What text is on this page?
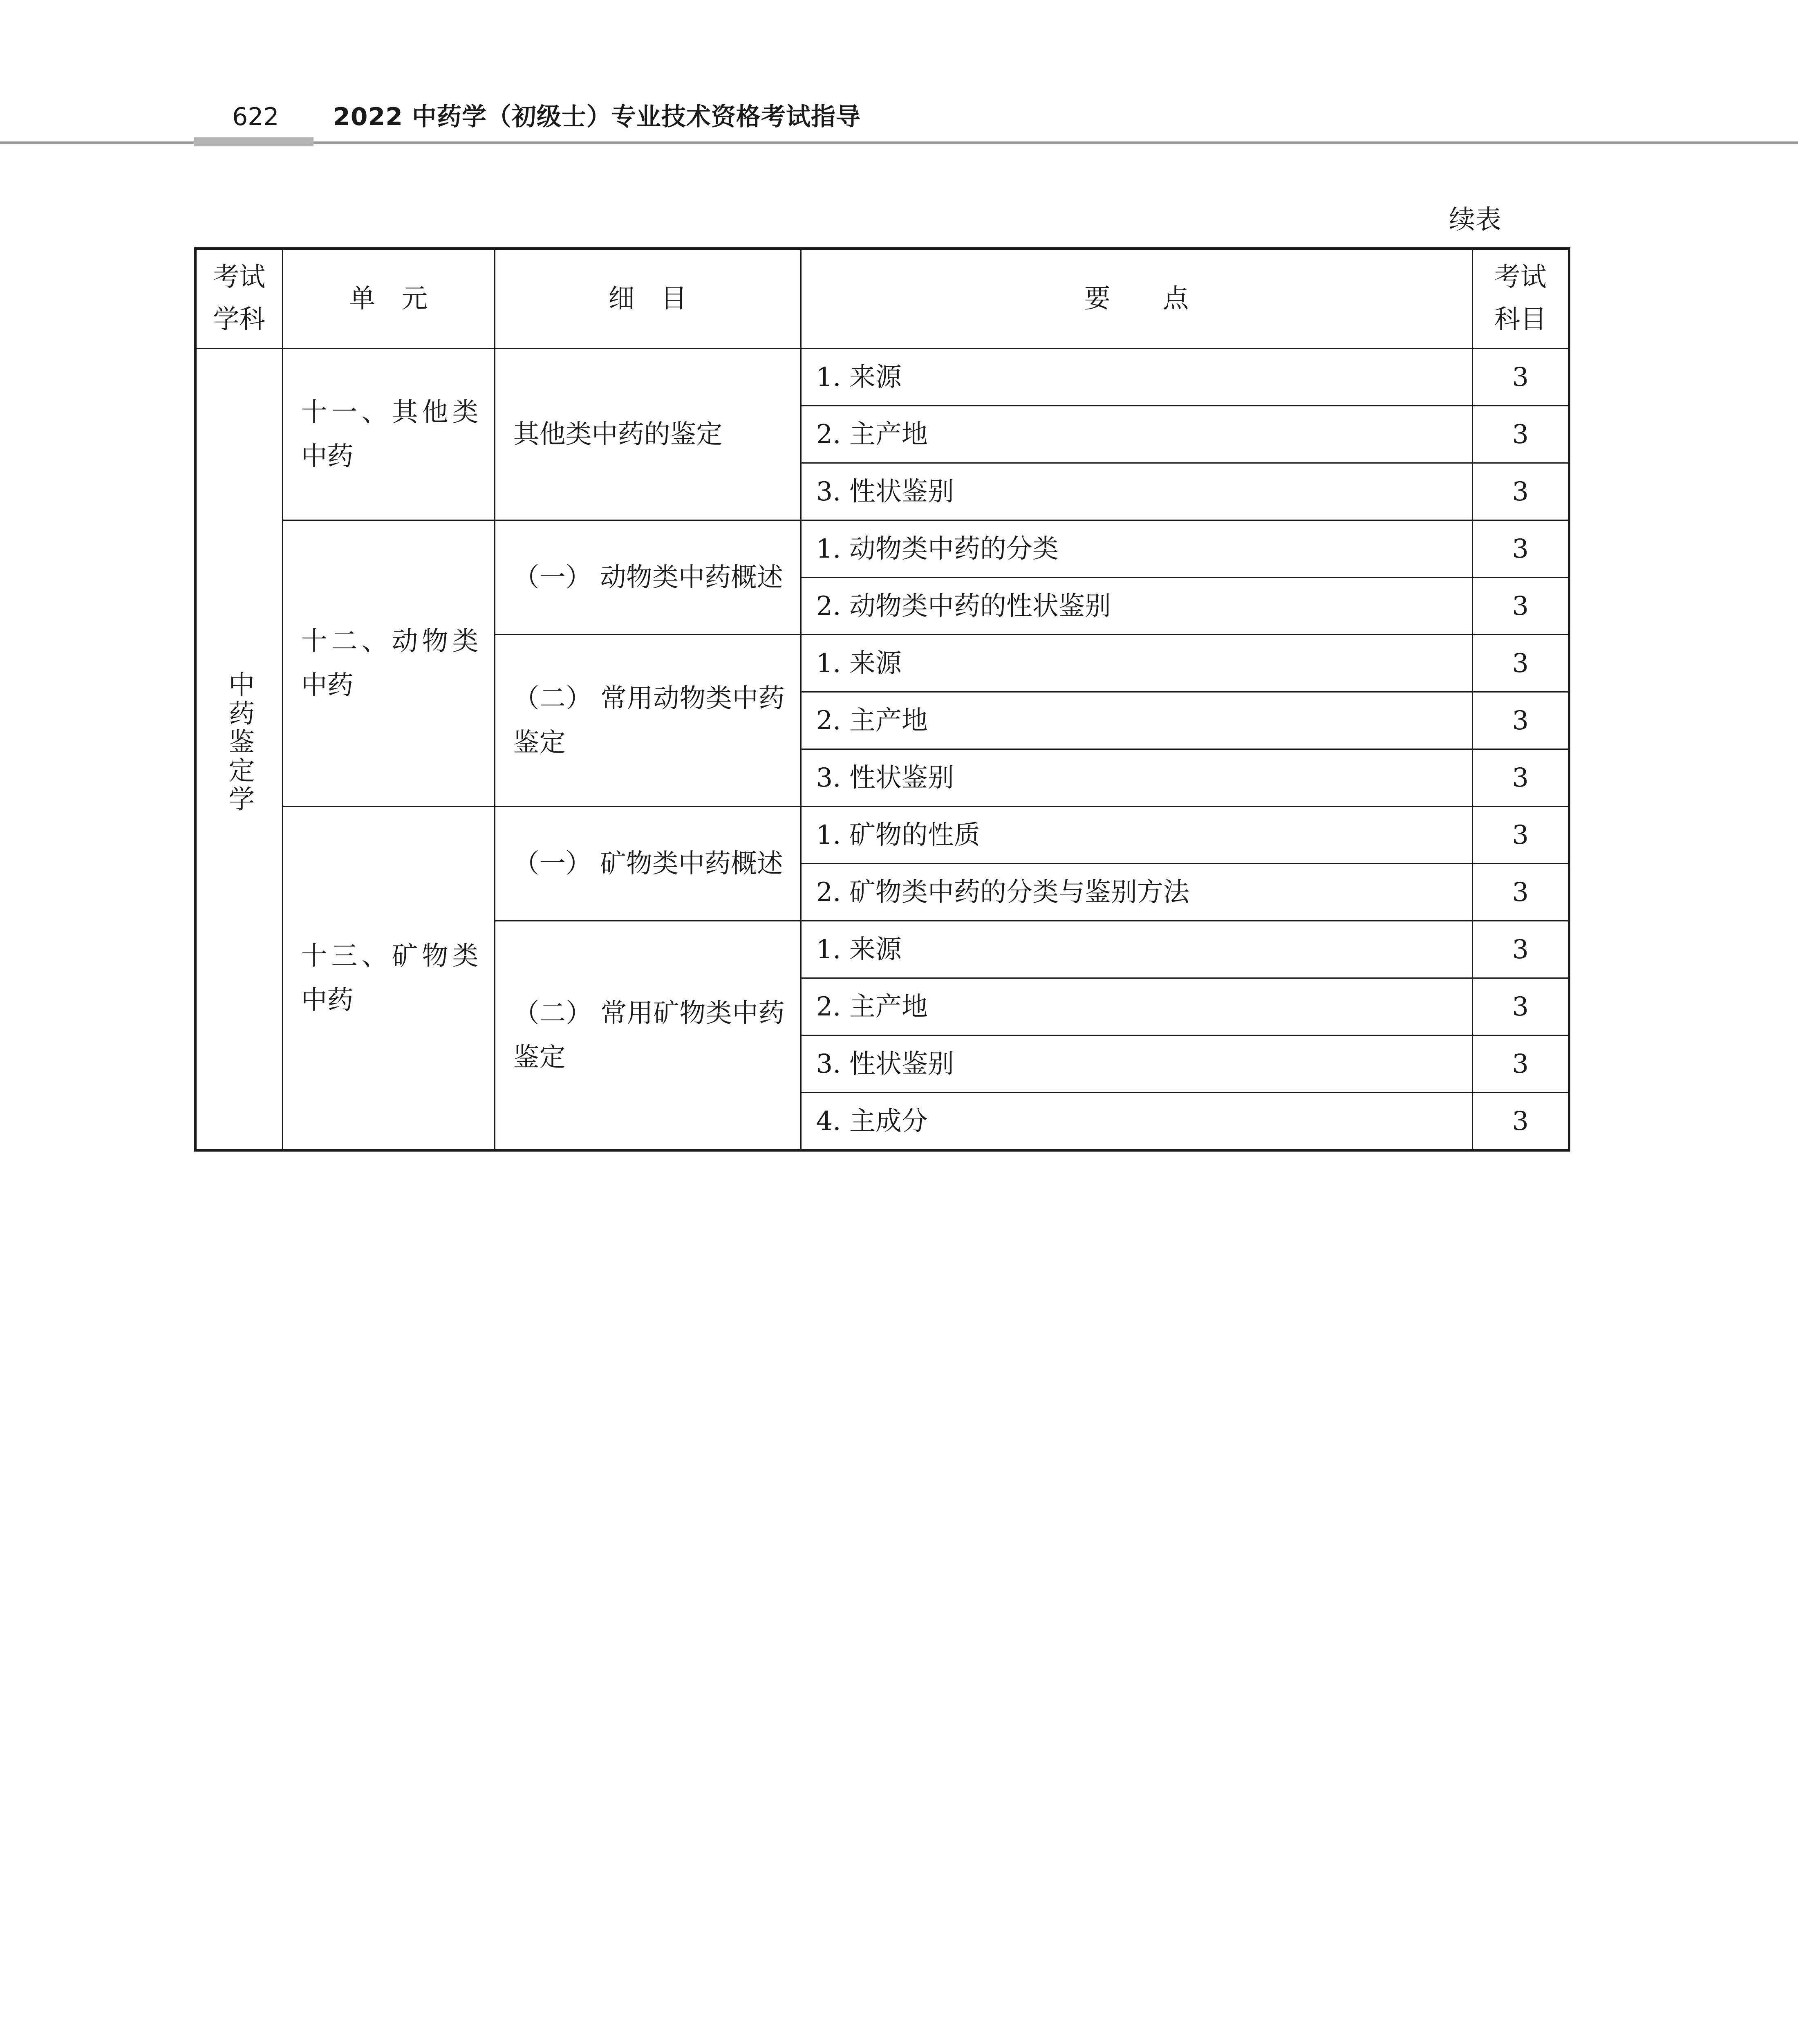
622 2022 中药学（初级士）专业技术资格考试指导
续表
考试学科	单　元	细　目	要　　点	考试科目
中药鉴定学	十一、其他类中药	其他类中药的鉴定	1. 来源	3
			2. 主产地	3
			3. 性状鉴别	3

	十二、动物类中药	（一） 动物类中药概述	1. 动物类中药的分类	3
			2. 动物类中药的性状鉴别	3

		（二） 常用动物类中药鉴定	1. 来源	3
			2. 主产地	3
			3. 性状鉴别	3

	十三、矿物类中药	（一） 矿物类中药概述	1. 矿物的性质	3
			2. 矿物类中药的分类与鉴别方法	3

		（二） 常用矿物类中药鉴定	1. 来源	3
			2. 主产地	3
			3. 性状鉴别	3
			4. 主成分	3
